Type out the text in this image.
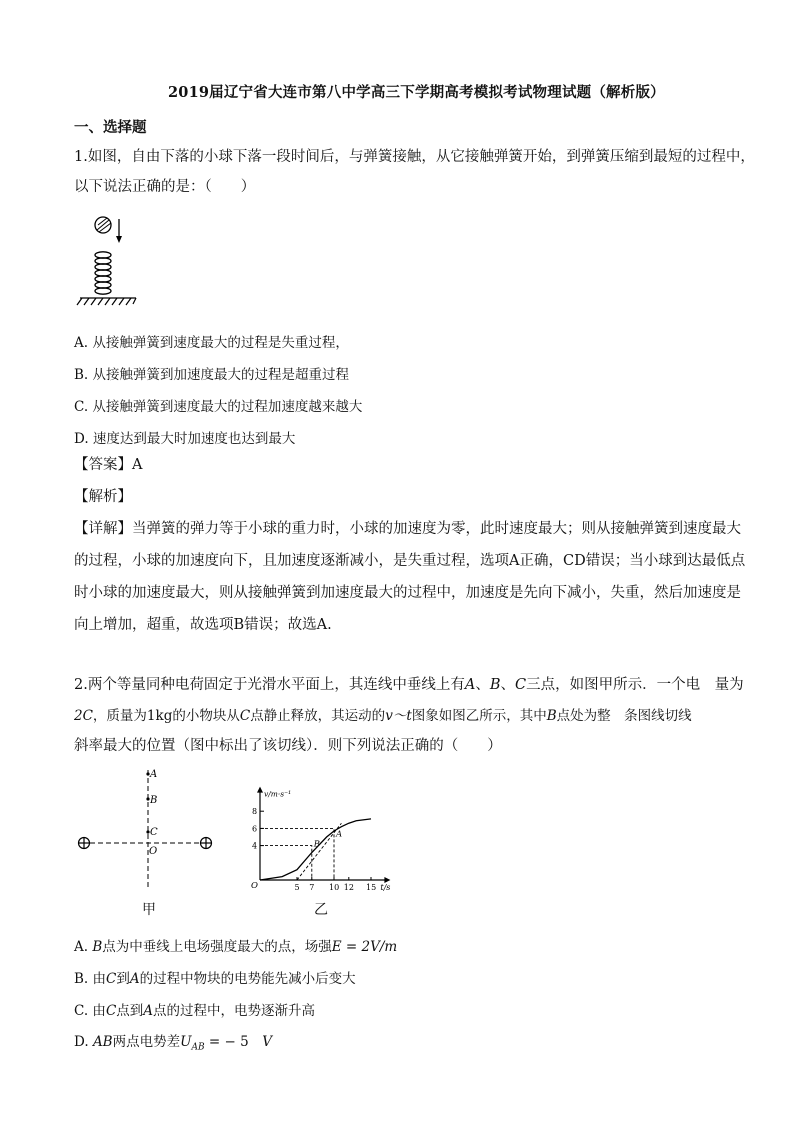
2019届辽宁省大连市第八中学高三下学期高考模拟考试物理试题（解析版）
一、选择题
1.如图，自由下落的小球下落一段时间后，与弹簧接触，从它接触弹簧开始，到弹簧压缩到最短的过程中，
以下说法正确的是：（　　）
A. 从接触弹簧到速度最大的过程是失重过程，
B. 从接触弹簧到加速度最大的过程是超重过程
C. 从接触弹簧到速度最大的过程加速度越来越大
D. 速度达到最大时加速度也达到最大
【答案】A
【解析】
【详解】当弹簧的弹力等于小球的重力时，小球的加速度为零，此时速度最大；则从接触弹簧到速度最大
的过程，小球的加速度向下，且加速度逐渐减小，是失重过程，选项A正确，CD错误；当小球到达最低点
时小球的加速度最大，则从接触弹簧到加速度最大的过程中，加速度是先向下减小，失重，然后加速度是
向上增加，超重，故选项B错误；故选A.
2.两个等量同种电荷固定于光滑水平面上，其连线中垂线上有A、B、C三点，如图甲所示．一个电　量为
2C，质量为1kg的小物块从C点静止释放，其运动的v～t图象如图乙所示，其中B点处为整　条图线切线
斜率最大的位置（图中标出了该切线）．则下列说法正确的（　　）
A
B
C
O
甲
v/m·s⁻¹
t/s
O
4
6
8
5 7 10 12 15
B
A
乙
A. B点为中垂线上电场强度最大的点，场强E = 2V/m
B. 由C到A的过程中物块的电势能先减小后变大
C. 由C点到A点的过程中，电势逐渐升高
D. AB两点电势差$U_{AB}$ = − 5　V
